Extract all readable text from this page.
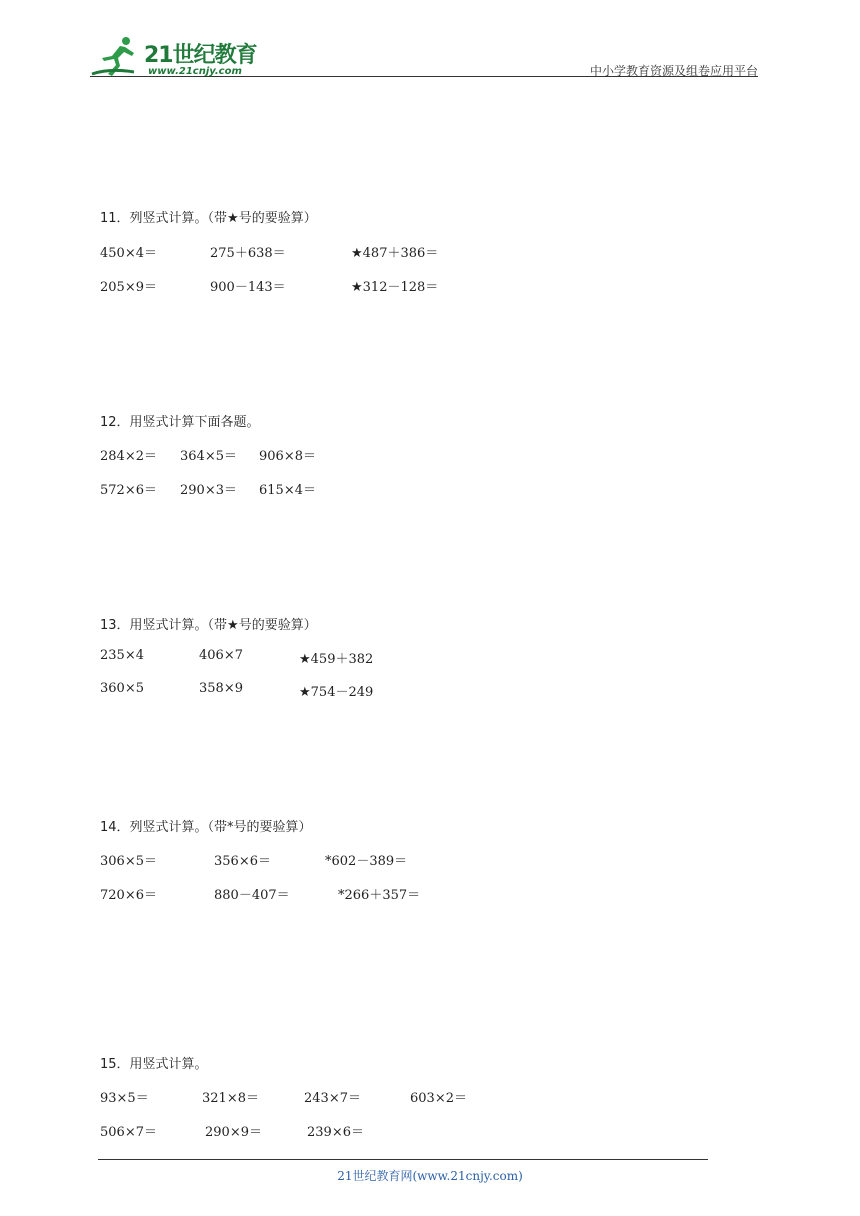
21世纪教育
www.21cnjy.com	中小学教育资源及组卷应用平台
11．列竖式计算。（带★号的要验算）
450×4＝	275＋638＝	★487＋386＝
205×9＝	900－143＝	★312－128＝
12．用竖式计算下面各题。
284×2＝ 364×5＝ 906×8＝
572×6＝ 290×3＝ 615×4＝
13．用竖式计算。（带★号的要验算）
235×4	406×7	★459＋382
360×5	358×9	★754－249
14．列竖式计算。（带*号的要验算）
306×5＝	356×6＝	*602－389＝
720×6＝	880－407＝	*266＋357＝
15．用竖式计算。
93×5＝	321×8＝	243×7＝	603×2＝
506×7＝	290×9＝	239×6＝
21世纪教育网(www.21cnjy.com)
